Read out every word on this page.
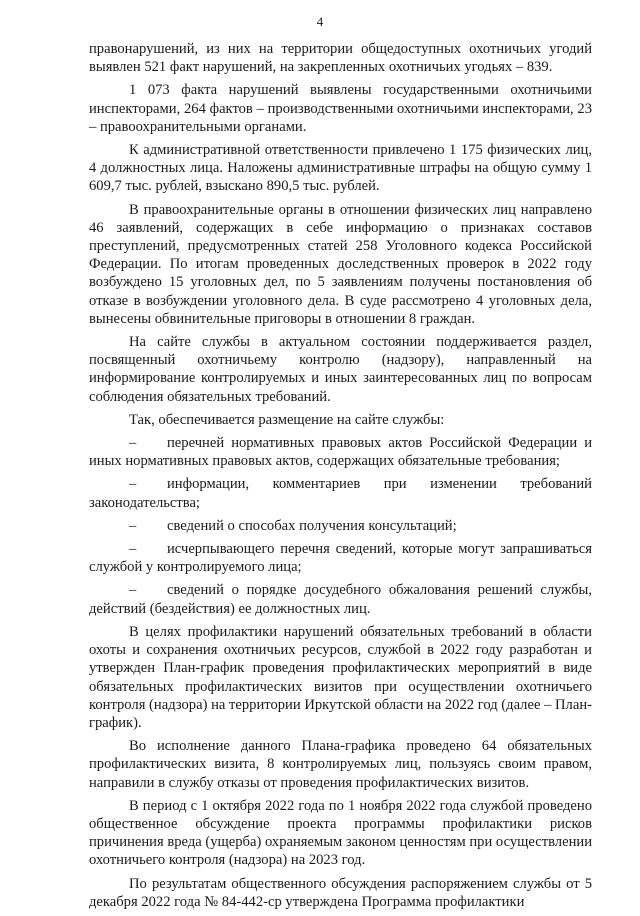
4

правонарушений, из них на территории общедоступных охотничьих угодий выявлен 521 факт нарушений, на закрепленных охотничьих угодьях – 839.

1 073 факта нарушений выявлены государственными охотничьими инспекторами, 264 фактов – производственными охотничьими инспекторами, 23 – правоохранительными органами.

К административной ответственности привлечено 1 175 физических лиц, 4 должностных лица. Наложены административные штрафы на общую сумму 1 609,7 тыс. рублей, взыскано 890,5 тыс. рублей.

В правоохранительные органы в отношении физических лиц направлено 46 заявлений, содержащих в себе информацию о признаках составов преступлений, предусмотренных статей 258 Уголовного кодекса Российской Федерации. По итогам проведенных доследственных проверок в 2022 году возбуждено 15 уголовных дел, по 5 заявлениям получены постановления об отказе в возбуждении уголовного дела. В суде рассмотрено 4 уголовных дела, вынесены обвинительные приговоры в отношении 8 граждан.

На сайте службы в актуальном состоянии поддерживается раздел, посвященный охотничьему контролю (надзору), направленный на информирование контролируемых и иных заинтересованных лиц по вопросам соблюдения обязательных требований.

Так, обеспечивается размещение на сайте службы:

– перечней нормативных правовых актов Российской Федерации и иных нормативных правовых актов, содержащих обязательные требования;

– информации, комментариев при изменении требований законодательства;

– сведений о способах получения консультаций;

– исчерпывающего перечня сведений, которые могут запрашиваться службой у контролируемого лица;

– сведений о порядке досудебного обжалования решений службы, действий (бездействия) ее должностных лиц.

В целях профилактики нарушений обязательных требований в области охоты и сохранения охотничьих ресурсов, службой в 2022 году разработан и утвержден План-график проведения профилактических мероприятий в виде обязательных профилактических визитов при осуществлении охотничьего контроля (надзора) на территории Иркутской области на 2022 год (далее – План-график).

Во исполнение данного Плана-графика проведено 64 обязательных профилактических визита, 8 контролируемых лиц, пользуясь своим правом, направили в службу отказы от проведения профилактических визитов.

В период с 1 октября 2022 года по 1 ноября 2022 года службой проведено общественное обсуждение проекта программы профилактики рисков причинения вреда (ущерба) охраняемым законом ценностям при осуществлении охотничьего контроля (надзора) на 2023 год.

По результатам общественного обсуждения распоряжением службы от 5 декабря 2022 года № 84-442-ср утверждена Программа профилактики
